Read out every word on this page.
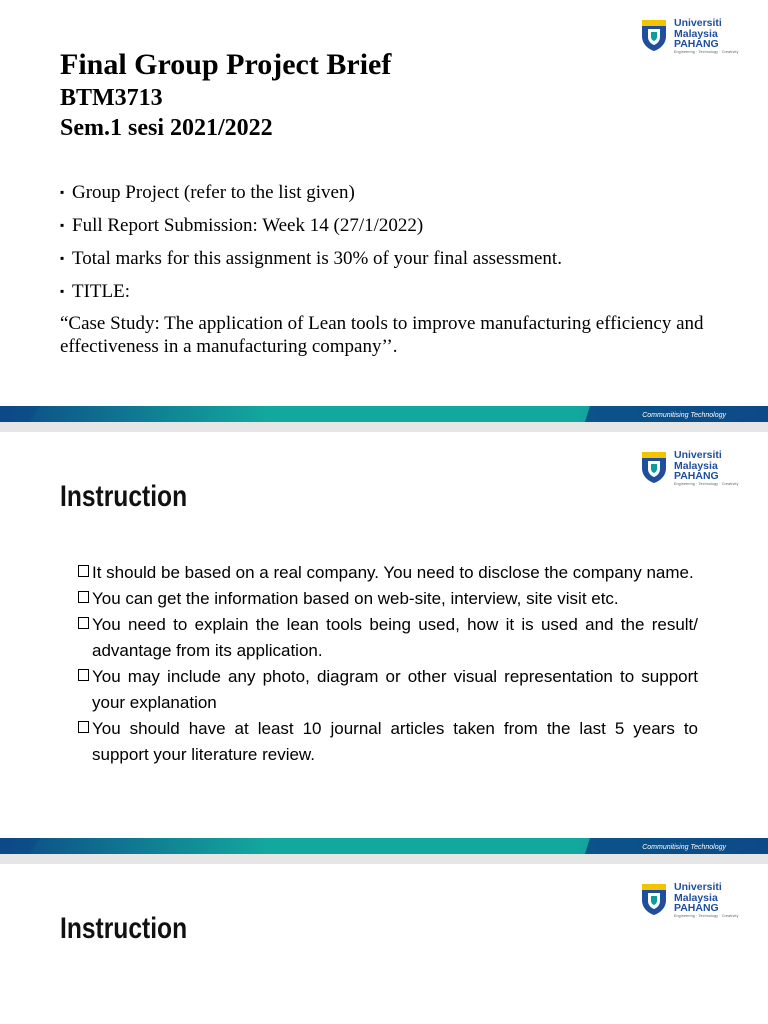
Universiti
Malaysia
PAHANG
Engineering · Technology · Creativity
Final Group Project Brief
BTM3713
Sem.1 sesi 2021/2022
▪ Group Project (refer to the list given)
▪ Full Report Submission: Week 14 (27/1/2022)
▪ Total marks for this assignment is 30% of your final assessment.
▪ TITLE:
“Case Study: The application of Lean tools to improve manufacturing efficiency and effectiveness in a manufacturing company’’.
Communitising Technology
Universiti
Malaysia
PAHANG
Engineering · Technology · Creativity
Instruction
It should be based on a real company. You need to disclose the company name.
You can get the information based on web-site, interview, site visit etc.
You need to explain the lean tools being used, how it is used and the result/ advantage from its application.
You may include any photo, diagram or other visual representation to support your explanation
You should have at least 10 journal articles taken from the last 5 years to support your literature review.
Communitising Technology
Universiti
Malaysia
PAHANG
Engineering · Technology · Creativity
Instruction
